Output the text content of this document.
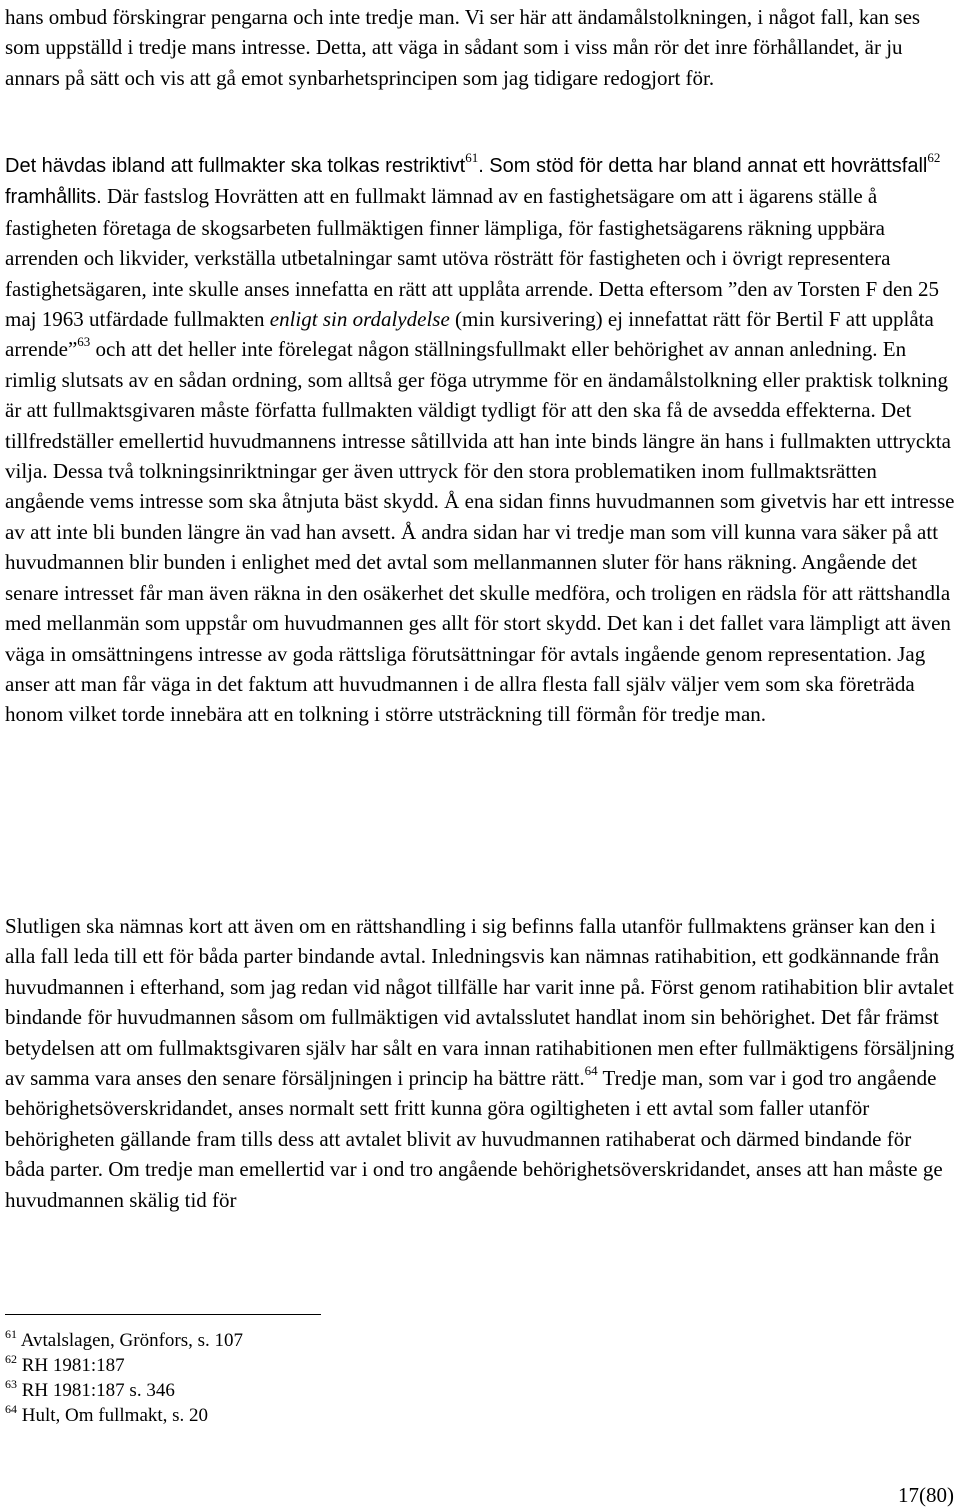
hans ombud förskingrar pengarna och inte tredje man. Vi ser här att ändamålstolkningen, i något fall, kan ses som uppställd i tredje mans intresse. Detta, att väga in sådant som i viss mån rör det inre förhållandet, är ju annars på sätt och vis att gå emot synbarhetsprincipen som jag tidigare redogjort för.

Det hävdas ibland att fullmakter ska tolkas restriktivt$^{61}$. Som stöd för detta har bland annat ett hovrättsfall$^{62}$ framhållits. Där fastslog Hovrätten att en fullmakt lämnad av en fastighetsägare om att i ägarens ställe å fastigheten företaga de skogsarbeten fullmäktigen finner lämpliga, för fastighetsägarens räkning uppbära arrenden och likvider, verkställa utbetalningar samt utöva rösträtt för fastigheten och i övrigt representera fastighetsägaren, inte skulle anses innefatta en rätt att upplåta arrende. Detta eftersom ”den av Torsten F den 25 maj 1963 utfärdade fullmakten enligt sin ordalydelse (min kursivering) ej innefattat rätt för Bertil F att upplåta arrende”$^{63}$ och att det heller inte förelegat någon ställningsfullmakt eller behörighet av annan anledning. En rimlig slutsats av en sådan ordning, som alltså ger föga utrymme för en ändamålstolkning eller praktisk tolkning är att fullmaktsgivaren måste författa fullmakten väldigt tydligt för att den ska få de avsedda effekterna. Det tillfredställer emellertid huvudmannens intresse såtillvida att han inte binds längre än hans i fullmakten uttryckta vilja. Dessa två tolkningsinriktningar ger även uttryck för den stora problematiken inom fullmaktsrätten angående vems intresse som ska åtnjuta bäst skydd. Å ena sidan finns huvudmannen som givetvis har ett intresse av att inte bli bunden längre än vad han avsett. Å andra sidan har vi tredje man som vill kunna vara säker på att huvudmannen blir bunden i enlighet med det avtal som mellanmannen sluter för hans räkning. Angående det senare intresset får man även räkna in den osäkerhet det skulle medföra, och troligen en rädsla för att rättshandla med mellanmän som uppstår om huvudmannen ges allt för stort skydd. Det kan i det fallet vara lämpligt att även väga in omsättningens intresse av goda rättsliga förutsättningar för avtals ingående genom representation. Jag anser att man får väga in det faktum att huvudmannen i de allra flesta fall själv väljer vem som ska företräda honom vilket torde innebära att en tolkning i större utsträckning till förmån för tredje man.

Slutligen ska nämnas kort att även om en rättshandling i sig befinns falla utanför fullmaktens gränser kan den i alla fall leda till ett för båda parter bindande avtal. Inledningsvis kan nämnas ratihabition, ett godkännande från huvudmannen i efterhand, som jag redan vid något tillfälle har varit inne på. Först genom ratihabition blir avtalet bindande för huvudmannen såsom om fullmäktigen vid avtalsslutet handlat inom sin behörighet. Det får främst betydelsen att om fullmaktsgivaren själv har sålt en vara innan ratihabitionen men efter fullmäktigens försäljning av samma vara anses den senare försäljningen i princip ha bättre rätt.$^{64}$ Tredje man, som var i god tro angående behörighetsöverskridandet, anses normalt sett fritt kunna göra ogiltigheten i ett avtal som faller utanför behörigheten gällande fram tills dess att avtalet blivit av huvudmannen ratihaberat och därmed bindande för båda parter. Om tredje man emellertid var i ond tro angående behörighetsöverskridandet, anses att han måste ge huvudmannen skälig tid för

$^{61}$ Avtalslagen, Grönfors, s. 107

$^{62}$ RH 1981:187

$^{63}$ RH 1981:187 s. 346

$^{64}$ Hult, Om fullmakt, s. 20

17(80)
